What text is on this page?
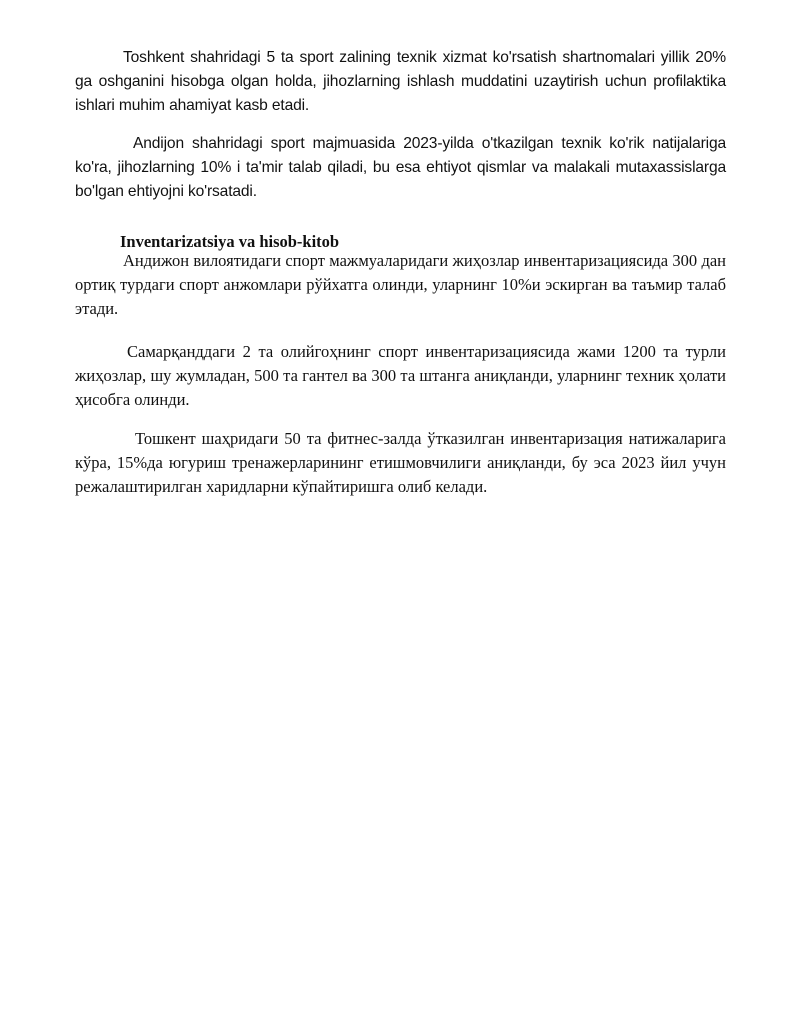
Toshkent shahridagi 5 ta sport zalining texnik xizmat ko'rsatish shartnomalari yillik 20% ga oshganini hisobga olgan holda, jihozlarning ishlash muddatini uzaytirish uchun profilaktika ishlari muhim ahamiyat kasb etadi.

Andijon shahridagi sport majmuasida 2023-yilda o'tkazilgan texnik ko'rik natijalariga ko'ra, jihozlarning 10% i ta'mir talab qiladi, bu esa ehtiyot qismlar va malakali mutaxassislarga bo'lgan ehtiyojni ko'rsatadi.

Inventarizatsiya va hisob-kitob

Андижон вилоятидаги спорт мажмуаларидаги жиҳозлар инвентаризациясида 300 дан ортиқ турдаги спорт анжомлари рўйхатга олинди, уларнинг 10%и эскирган ва таъмир талаб этади.

Самарқанддаги 2 та олийгоҳнинг спорт инвентаризациясида жами 1200 та турли жиҳозлар, шу жумладан, 500 та гантел ва 300 та штанга аниқланди, уларнинг техник ҳолати ҳисобга олинди.

Тошкент шаҳридаги 50 та фитнес-залда ўтказилган инвентаризация натижаларига кўра, 15%да югуриш тренажерларининг етишмовчилиги аниқланди, бу эса 2023 йил учун режалаштирилган харидларни кўпайтиришга олиб келади.
